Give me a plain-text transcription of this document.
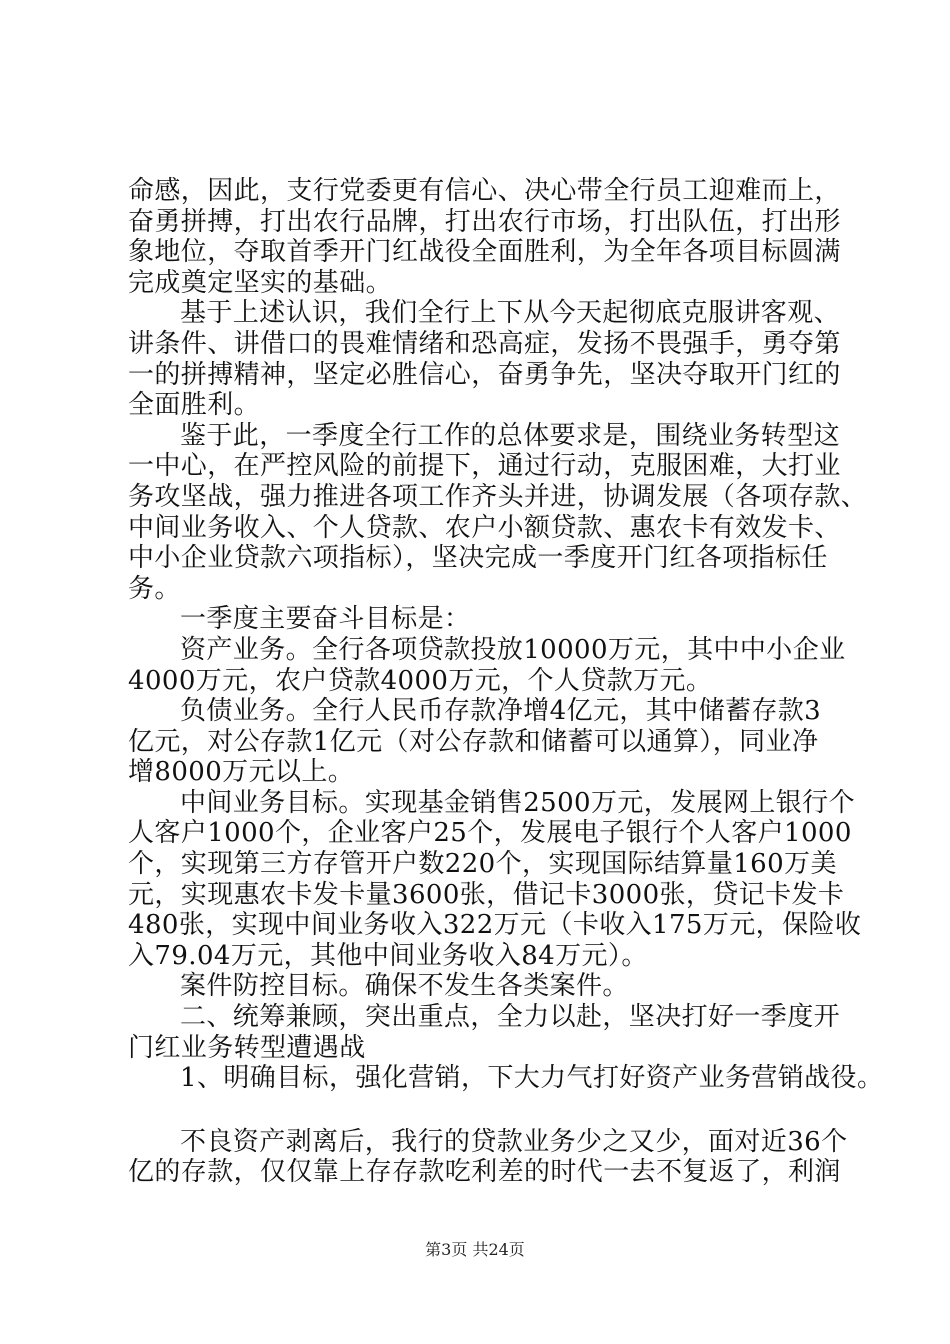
命感，因此，支行党委更有信心、决心带全行员工迎难而上，
奋勇拼搏，打出农行品牌，打出农行市场，打出队伍，打出形
象地位，夺取首季开门红战役全面胜利，为全年各项目标圆满
完成奠定坚实的基础。
基于上述认识，我们全行上下从今天起彻底克服讲客观、
讲条件、讲借口的畏难情绪和恐高症，发扬不畏强手，勇夺第
一的拼搏精神，坚定必胜信心，奋勇争先，坚决夺取开门红的
全面胜利。
鉴于此，一季度全行工作的总体要求是，围绕业务转型这
一中心，在严控风险的前提下，通过行动，克服困难，大打业
务攻坚战，强力推进各项工作齐头并进，协调发展（各项存款、
中间业务收入、个人贷款、农户小额贷款、惠农卡有效发卡、
中小企业贷款六项指标），坚决完成一季度开门红各项指标任
务。
一季度主要奋斗目标是：
资产业务。全行各项贷款投放10000万元，其中中小企业
4000万元，农户贷款4000万元，个人贷款万元。
负债业务。全行人民币存款净增4亿元，其中储蓄存款3
亿元，对公存款1亿元（对公存款和储蓄可以通算），同业净
增8000万元以上。
中间业务目标。实现基金销售2500万元，发展网上银行个
人客户1000个，企业客户25个，发展电子银行个人客户1000
个，实现第三方存管开户数220个，实现国际结算量160万美
元，实现惠农卡发卡量3600张，借记卡3000张，贷记卡发卡
480张，实现中间业务收入322万元（卡收入175万元，保险收
入79.04万元，其他中间业务收入84万元）。
案件防控目标。确保不发生各类案件。
二、统筹兼顾，突出重点，全力以赴，坚决打好一季度开
门红业务转型遭遇战
1、明确目标，强化营销，下大力气打好资产业务营销战役。
不良资产剥离后，我行的贷款业务少之又少，面对近36个
亿的存款，仅仅靠上存存款吃利差的时代一去不复返了，利润
第3页 共24页
